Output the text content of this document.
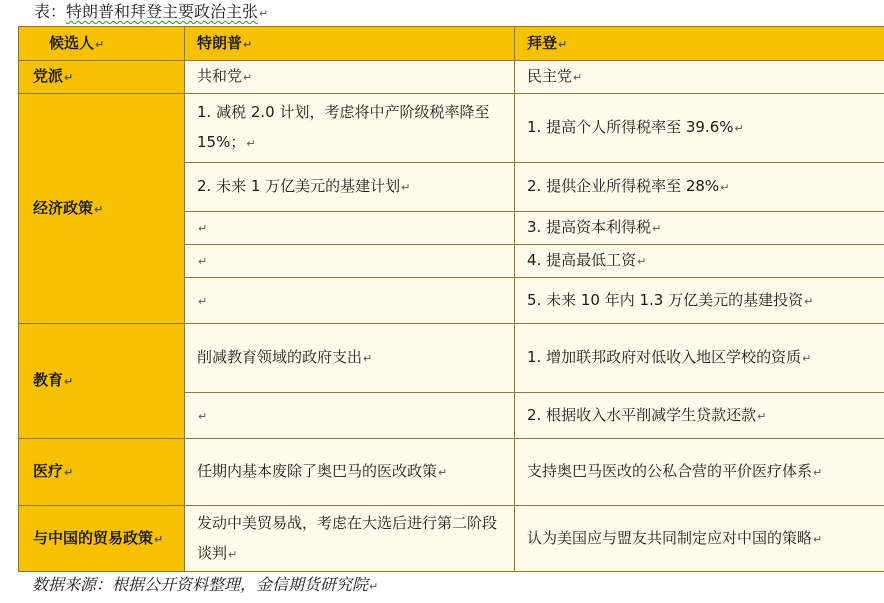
表：特朗普和拜登主要政治主张↵
候选人↵	特朗普↵	拜登↵
党派↵	共和党↵	民主党↵
经济政策↵	1. 减税 2.0 计划，考虑将中产阶级税率降至 15%；↵	1. 提高个人所得税率至 39.6%↵
	2. 未来 1 万亿美元的基建计划↵	2. 提供企业所得税率至 28%↵
	↵	3. 提高资本利得税↵
	↵	4. 提高最低工资↵
	↵	5. 未来 10 年内 1.3 万亿美元的基建投资↵
教育↵	削减教育领域的政府支出↵	1. 增加联邦政府对低收入地区学校的资质↵
	↵	2. 根据收入水平削减学生贷款还款↵
医疗↵	任期内基本废除了奥巴马的医改政策↵	支持奥巴马医改的公私合营的平价医疗体系↵
与中国的贸易政策↵	发动中美贸易战，考虑在大选后进行第二阶段谈判↵	认为美国应与盟友共同制定应对中国的策略↵
数据来源：根据公开资料整理，金信期货研究院↵
